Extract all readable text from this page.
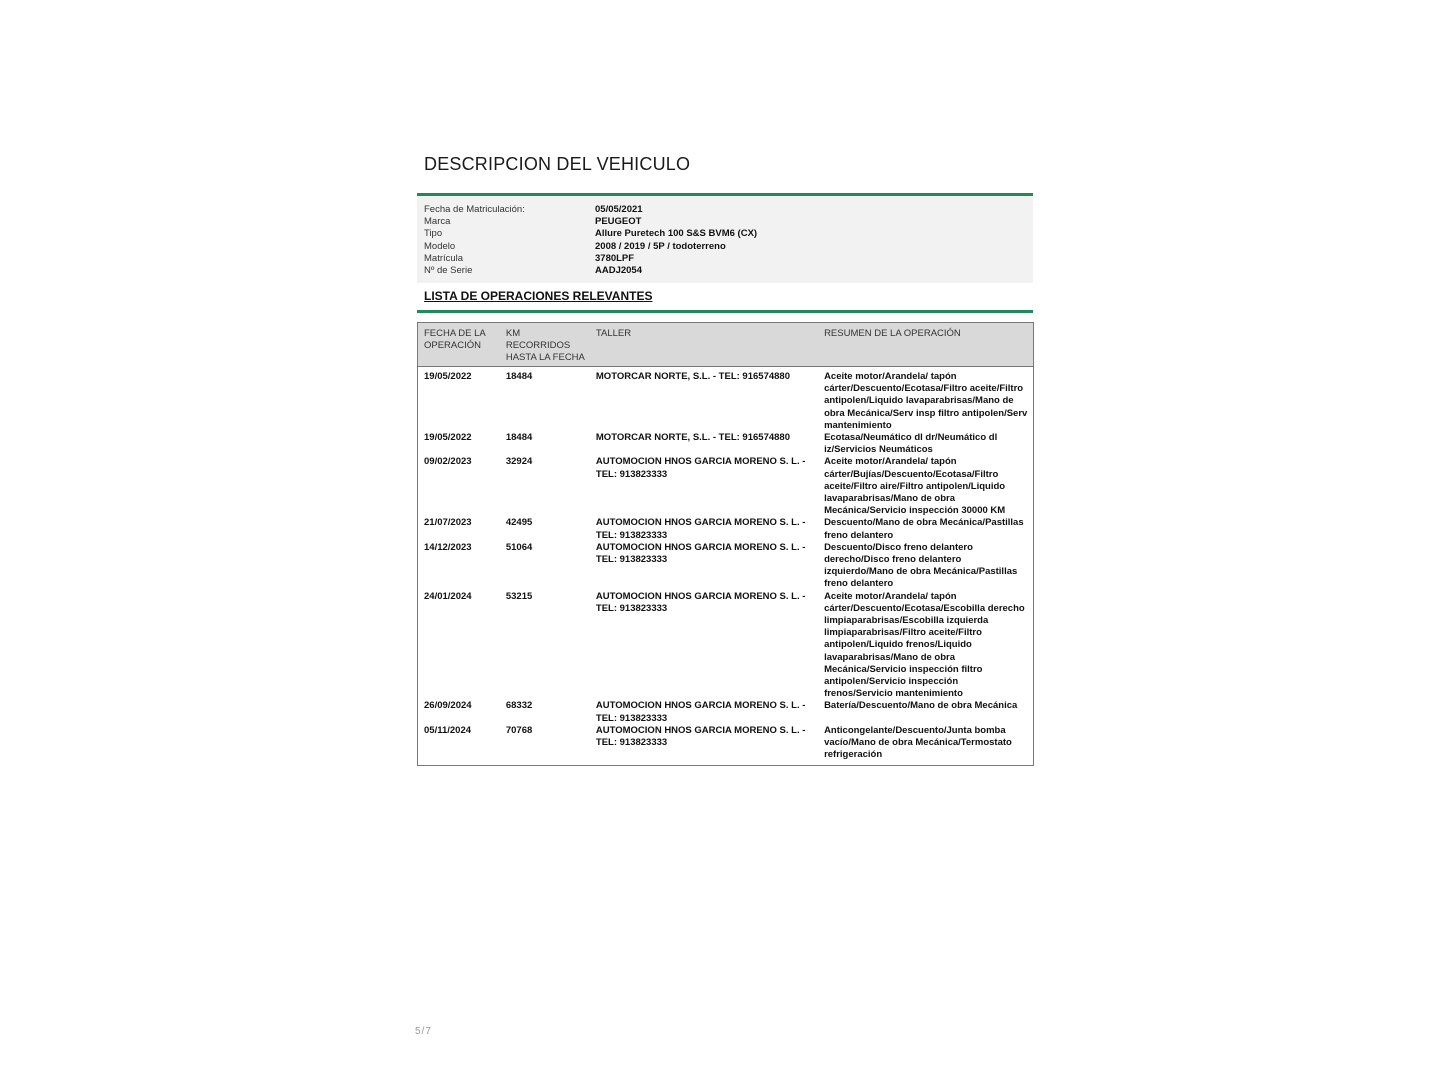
DESCRIPCION DEL VEHICULO
Fecha de Matriculación:	05/05/2021
Marca	PEUGEOT
Tipo	Allure Puretech 100 S&S BVM6 (CX)
Modelo	2008 / 2019 / 5P / todoterreno
Matrícula	3780LPF
Nº de Serie	AADJ2054
LISTA DE OPERACIONES RELEVANTES
FECHA DE LA OPERACIÓN	KM RECORRIDOS HASTA LA FECHA	TALLER	RESUMEN DE LA OPERACIÓN
19/05/2022	18484	MOTORCAR NORTE, S.L. - TEL: 916574880	Aceite motor/Arandela/ tapón cárter/Descuento/Ecotasa/Filtro aceite/Filtro antipolen/Liquido lavaparabrisas/Mano de obra Mecánica/Serv insp filtro antipolen/Serv mantenimiento
19/05/2022	18484	MOTORCAR NORTE, S.L. - TEL: 916574880	Ecotasa/Neumático dl dr/Neumático dl iz/Servicios Neumáticos
09/02/2023	32924	AUTOMOCION HNOS GARCIA MORENO S. L. - TEL: 913823333	Aceite motor/Arandela/ tapón cárter/Bujías/Descuento/Ecotasa/Filtro aceite/Filtro aire/Filtro antipolen/Liquido lavaparabrisas/Mano de obra Mecánica/Servicio inspección 30000 KM
21/07/2023	42495	AUTOMOCION HNOS GARCIA MORENO S. L. - TEL: 913823333	Descuento/Mano de obra Mecánica/Pastillas freno delantero
14/12/2023	51064	AUTOMOCION HNOS GARCIA MORENO S. L. - TEL: 913823333	Descuento/Disco freno delantero derecho/Disco freno delantero izquierdo/Mano de obra Mecánica/Pastillas freno delantero
24/01/2024	53215	AUTOMOCION HNOS GARCIA MORENO S. L. - TEL: 913823333	Aceite motor/Arandela/ tapón cárter/Descuento/Ecotasa/Escobilla derecho limpiaparabrisas/Escobilla izquierda limpiaparabrisas/Filtro aceite/Filtro antipolen/Liquido frenos/Liquido lavaparabrisas/Mano de obra Mecánica/Servicio inspección filtro antipolen/Servicio inspección frenos/Servicio mantenimiento
26/09/2024	68332	AUTOMOCION HNOS GARCIA MORENO S. L. - TEL: 913823333	Batería/Descuento/Mano de obra Mecánica
05/11/2024	70768	AUTOMOCION HNOS GARCIA MORENO S. L. - TEL: 913823333	Anticongelante/Descuento/Junta bomba vacío/Mano de obra Mecánica/Termostato refrigeración
5/7
